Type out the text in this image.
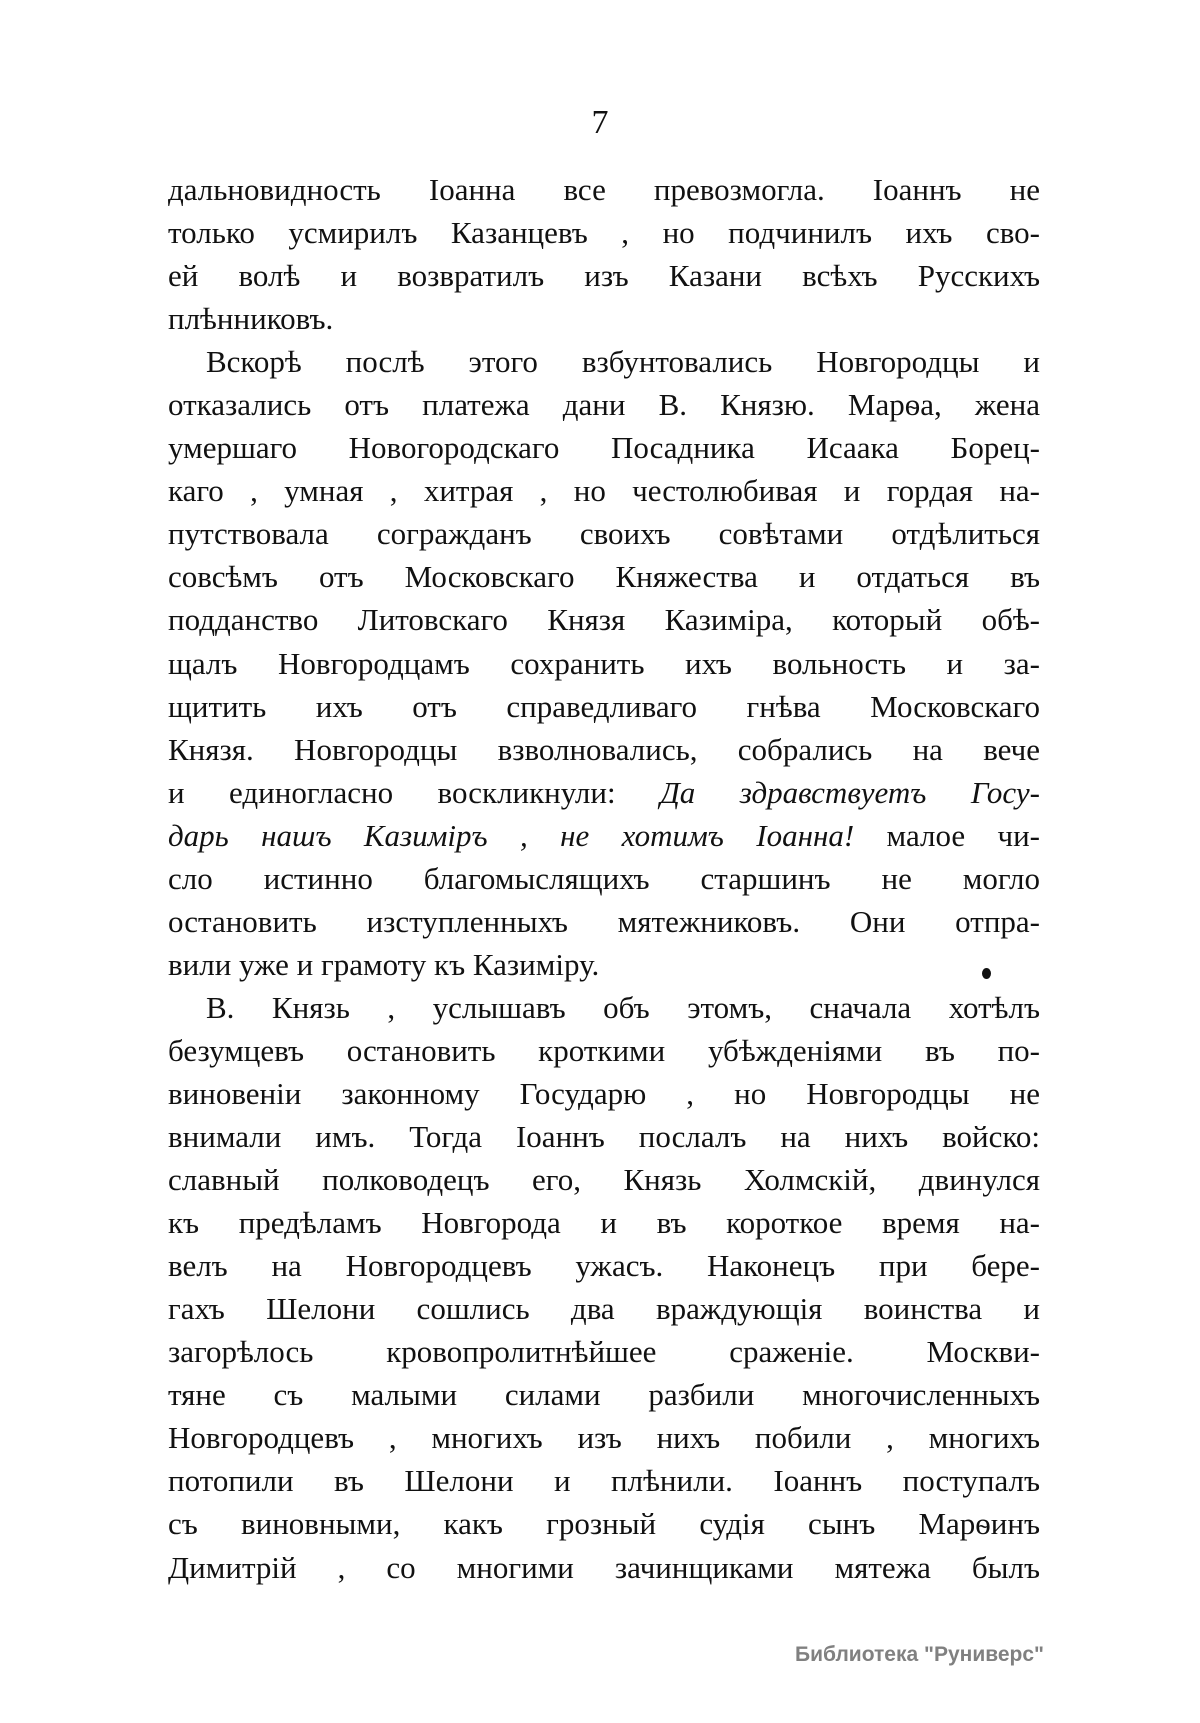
7
дальновидность Іоанна все превозмогла. Іоаннъ не
только усмирилъ Казанцевъ , но подчинилъ ихъ сво-
ей волѣ и возвратилъ изъ Казани всѣхъ Русскихъ
плѣнниковъ.
Вскорѣ послѣ этого взбунтовались Новгородцы и
отказались отъ платежа дани В. Князю. Марѳа, жена
умершаго Новогородскаго Посадника Исаака Борец-
каго , умная , хитрая , но честолюбивая и гордая на-
путствовала согражданъ своихъ совѣтами отдѣлиться
совсѣмъ отъ Московскаго Княжества и отдаться въ
подданство Литовскаго Князя Казиміра, который обѣ-
щалъ Новгородцамъ сохранить ихъ вольность и за-
щитить ихъ отъ справедливаго гнѣва Московскаго
Князя. Новгородцы взволновались, собрались на вече
и единогласно воскликнули: Да здравствуетъ Госу-
дарь нашъ Казиміръ , не хотимъ Іоанна! малое чи-
сло истинно благомыслящихъ старшинъ не могло
остановить изступленныхъ мятежниковъ. Они отпра-
вили уже и грамоту къ Казиміру.
В. Князь , услышавъ объ этомъ, сначала хотѣлъ
безумцевъ остановить кроткими убѣжденіями въ по-
виновеніи законному Государю , но Новгородцы не
внимали имъ. Тогда Іоаннъ послалъ на нихъ войско:
славный полководецъ его, Князь Холмскій, двинулся
къ предѣламъ Новгорода и въ короткое время на-
велъ на Новгородцевъ ужасъ. Наконецъ при бере-
гахъ Шелони сошлись два враждующія воинства и
загорѣлось кровопролитнѣйшее сраженіе. Москви-
тяне съ малыми силами разбили многочисленныхъ
Новгородцевъ , многихъ изъ нихъ побили , многихъ
потопили въ Шелони и плѣнили. Іоаннъ поступалъ
съ виновными, какъ грозный судія сынъ Марѳинъ
Димитрій , со многими зачинщиками мятежа былъ
Библиотека "Руниверс"
